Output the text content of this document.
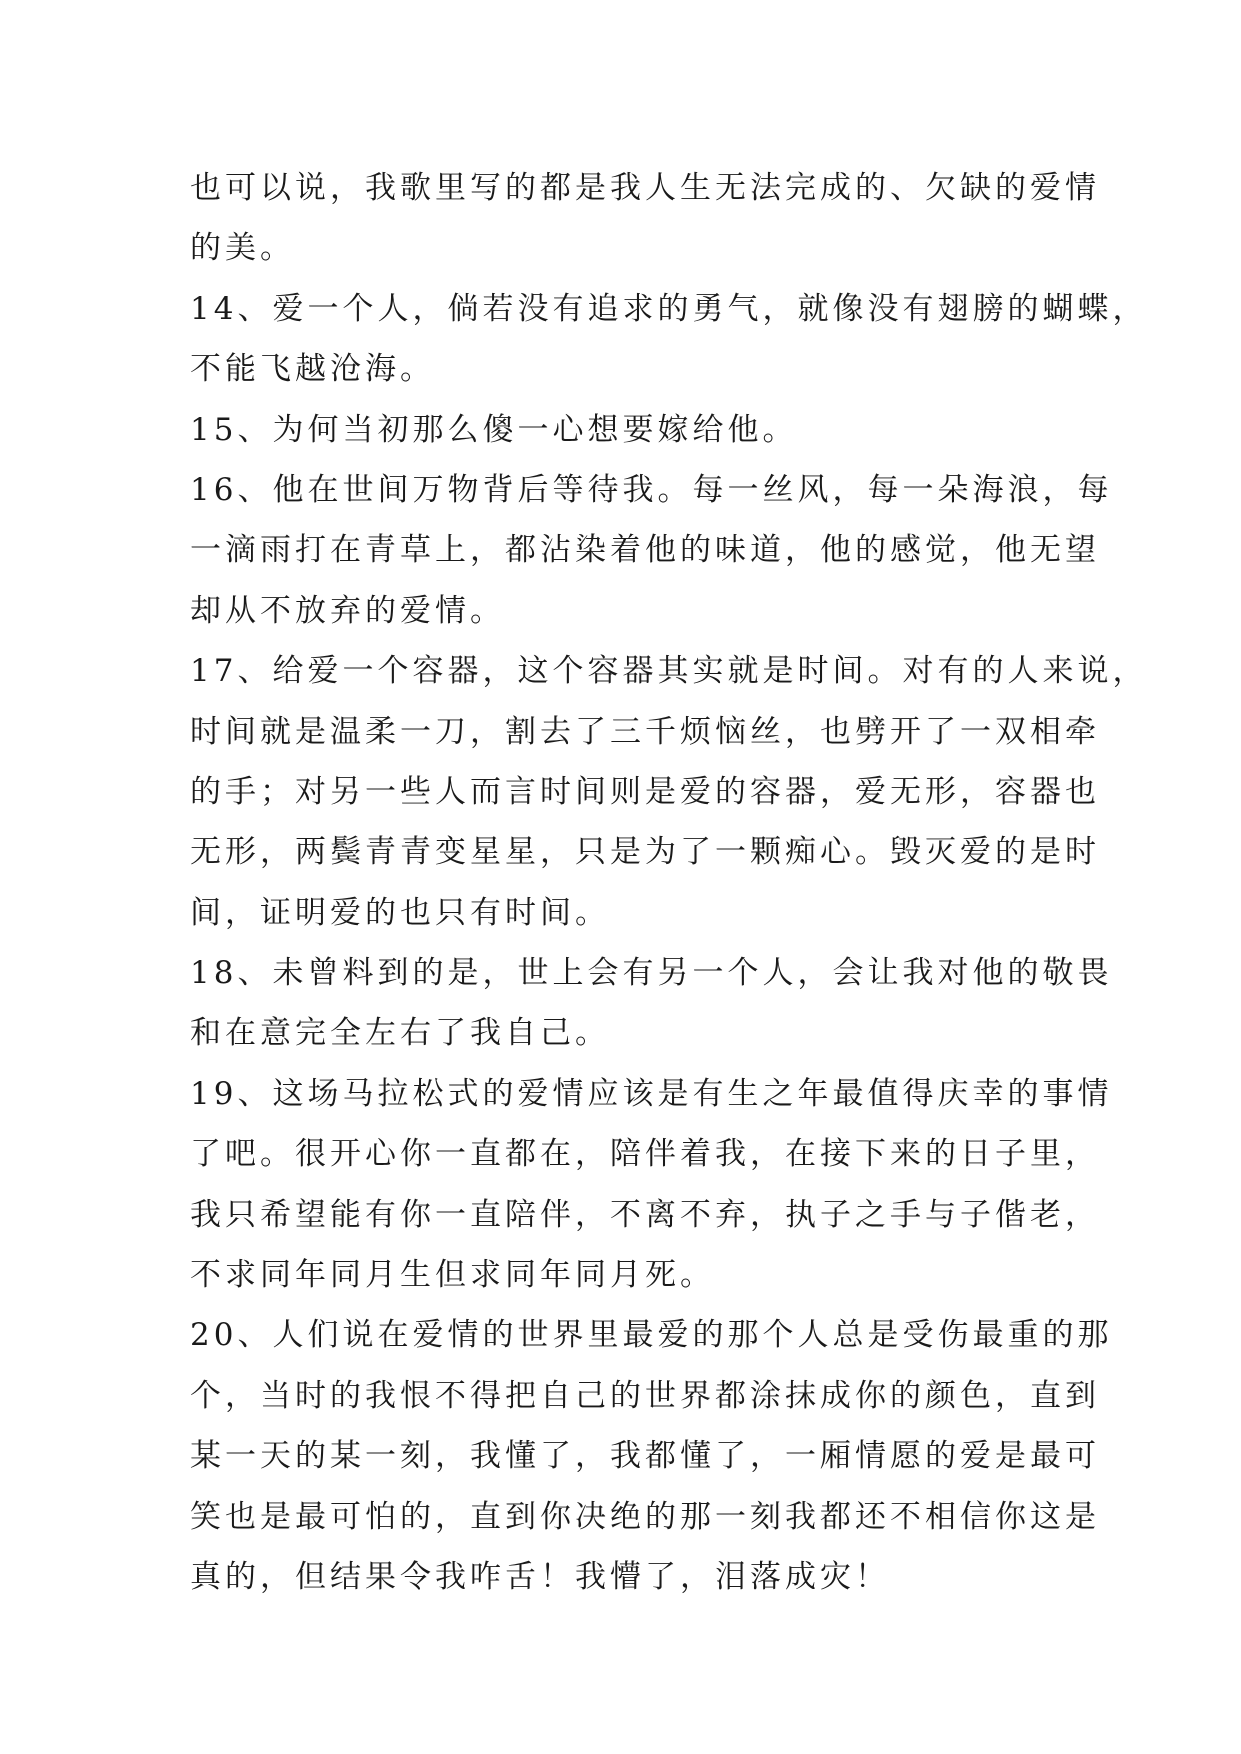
也可以说，我歌里写的都是我人生无法完成的、欠缺的爱情
的美。
14、爱一个人，倘若没有追求的勇气，就像没有翅膀的蝴蝶，
不能飞越沧海。
15、为何当初那么傻一心想要嫁给他。
16、他在世间万物背后等待我。每一丝风，每一朵海浪，每
一滴雨打在青草上，都沾染着他的味道，他的感觉，他无望
却从不放弃的爱情。
17、给爱一个容器，这个容器其实就是时间。对有的人来说，
时间就是温柔一刀，割去了三千烦恼丝，也劈开了一双相牵
的手；对另一些人而言时间则是爱的容器，爱无形，容器也
无形，两鬓青青变星星，只是为了一颗痴心。毁灭爱的是时
间，证明爱的也只有时间。
18、未曾料到的是，世上会有另一个人，会让我对他的敬畏
和在意完全左右了我自己。
19、这场马拉松式的爱情应该是有生之年最值得庆幸的事情
了吧。很开心你一直都在，陪伴着我，在接下来的日子里，
我只希望能有你一直陪伴，不离不弃，执子之手与子偕老，
不求同年同月生但求同年同月死。
20、人们说在爱情的世界里最爱的那个人总是受伤最重的那
个，当时的我恨不得把自己的世界都涂抹成你的颜色，直到
某一天的某一刻，我懂了，我都懂了，一厢情愿的爱是最可
笑也是最可怕的，直到你决绝的那一刻我都还不相信你这是
真的，但结果令我咋舌！我懵了，泪落成灾！
